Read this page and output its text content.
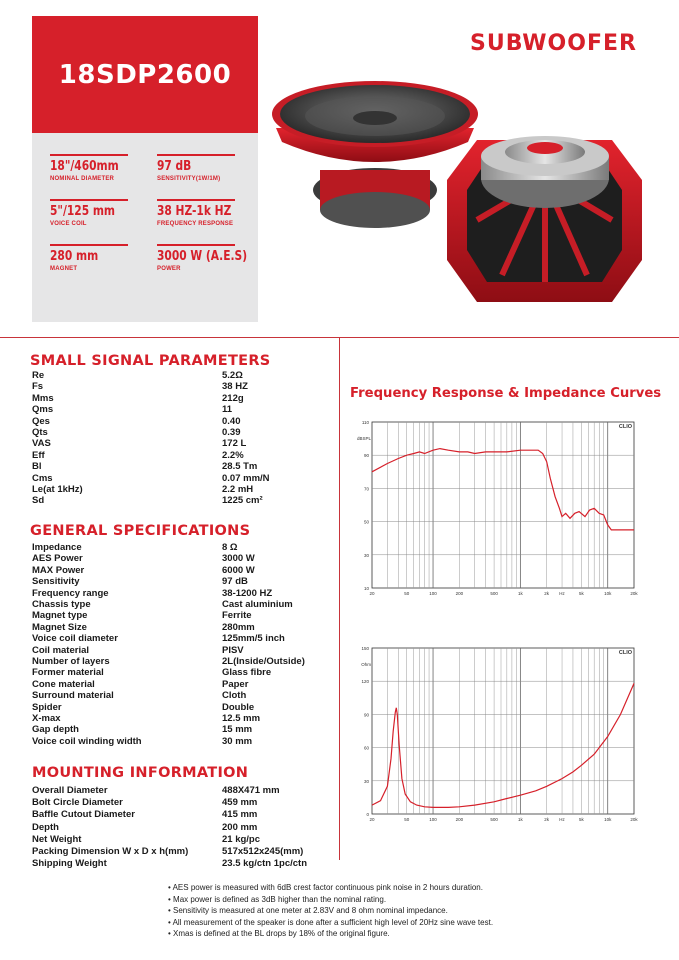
18SDP2600
18"/460mm
NOMINAL DIAMETER
97 dB
SENSITIVITY(1W/1M)
5"/125 mm
VOICE COIL
38 HZ-1k HZ
FREQUENCY RESPONSE
280 mm
MAGNET
3000 W (A.E.S)
POWER
SUBWOOFER
SMALL SIGNAL PARAMETERS
Re	5.2Ω
Fs	38 HZ
Mms	212g
Qms	11
Qes	0.40
Qts	0.39
VAS	172 L
Eff	2.2%
Bl	28.5 Tm
Cms	0.07 mm/N
Le(at 1kHz)	2.2 mH
Sd	1225 cm²
GENERAL SPECIFICATIONS
Impedance	8 Ω
AES Power	3000 W
MAX Power	6000 W
Sensitivity	97 dB
Frequency range	38-1200 HZ
Chassis type	Cast aluminium
Magnet type	Ferrite
Magnet Size	280mm
Voice coil diameter	125mm/5 inch
Coil material	PISV
Number of layers	2L(Inside/Outside)
Former material	Glass fibre
Cone material	Paper
Surround material	Cloth
Spider	Double
X-max	12.5 mm
Gap depth	15 mm
Voice coil winding width	30 mm
MOUNTING INFORMATION
Overall Diameter	488X471 mm
Bolt Circle Diameter	459 mm
Baffle Cutout Diameter	415 mm
Depth	200 mm
Net Weight	21 kg/pc
Packing Dimension W x D x h(mm)	517x512x245(mm)
Shipping Weight	23.5 kg/ctn 1pc/ctn
• AES power is measured with 6dB crest factor continuous pink noise in 2 hours duration.
• Max power is defined as 3dB higher than the nominal rating.
• Sensitivity is measured at one meter at 2.83V and 8 ohm nominal impedance.
• All measurement of the speaker is done after a sufficient high level of 20Hz sine wave test.
• Xmas is defined at the BL drops by 18% of the original figure.
Frequency Response & Impedance Curves
110
90
70
50
30
10
dBSPL
CLIO
20	50	100	200	500	1k	2k Hz	5k	10k	20k
150
120
90
60
30
0
Ohm
CLIO
20	50	100	200	500	1k	2k Hz	5k	10k	20k
